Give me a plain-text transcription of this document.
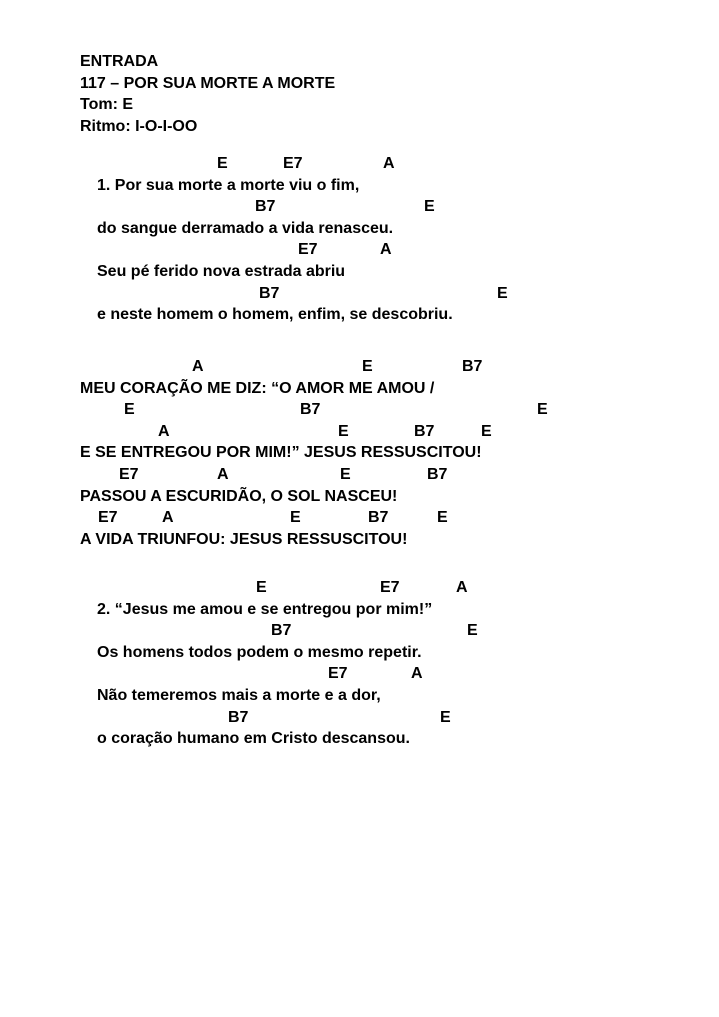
ENTRADA
117 – POR SUA MORTE A MORTE
Tom: E
Ritmo: I-O-I-OO
E	E7	A
1. Por sua morte a morte viu o fim,
B7	E
do sangue derramado a vida renasceu.
E7	A
Seu pé ferido nova estrada abriu
B7	E
e neste homem o homem, enfim, se descobriu.
A	E	B7
MEU CORAÇÃO ME DIZ: “O AMOR ME AMOU /
E	B7	E
A	E	B7	E
E SE ENTREGOU POR MIM!” JESUS RESSUSCITOU!
E7	A	E	B7
PASSOU A ESCURIDÃO, O SOL NASCEU!
E7	A	E	B7	E
A VIDA TRIUNFOU: JESUS RESSUSCITOU!
E	E7	A
2. “Jesus me amou e se entregou por mim!”
B7	E
Os homens todos podem o mesmo repetir.
E7	A
Não temeremos mais a morte e a dor,
B7	E
o coração humano em Cristo descansou.
